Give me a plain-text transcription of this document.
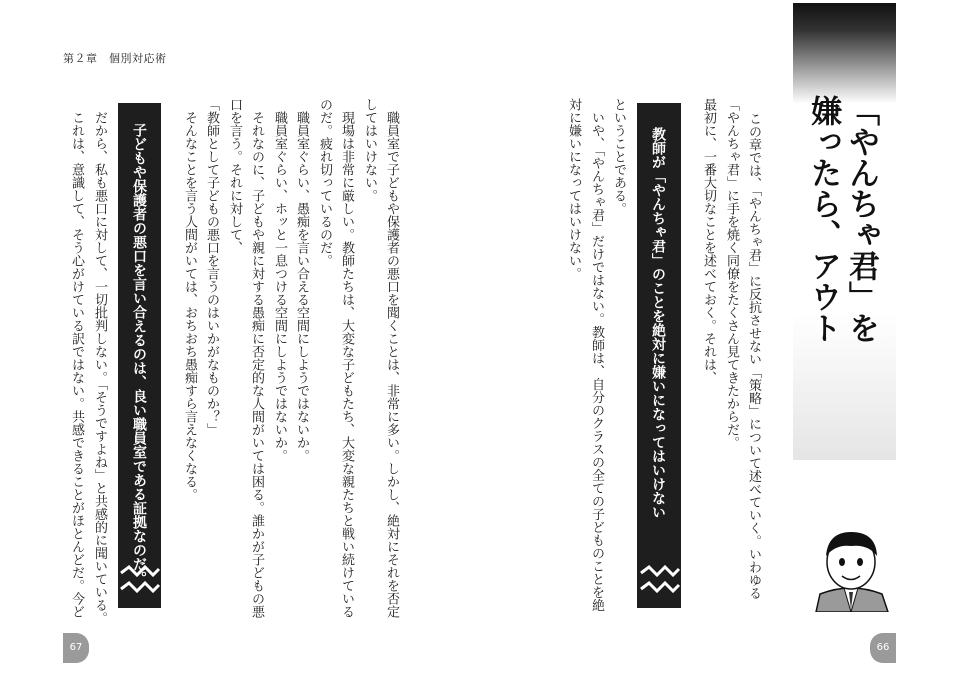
第２章　個別対応術
「やんちゃ君」を
嫌ったら、アウト
この章では、「やんちゃ君」に反抗させない「策略」について述べていく。いわゆる
「やんちゃ君」に手を焼く同僚をたくさん見てきたからだ。
最初に、一番大切なことを述べておく。それは、
教師が「やんちゃ君」のことを絶対に嫌いになってはいけない
ということである。
　いや、「やんちゃ君」だけではない。教師は、自分のクラスの全ての子どものことを絶
対に嫌いになってはいけない。
66
67
　職員室で子どもや保護者の悪口を聞くことは、非常に多い。しかし、絶対にそれを否定
してはいけない。
　現場は非常に厳しい。教師たちは、大変な子どもたち、大変な親たちと戦い続けている
のだ。疲れ切っているのだ。
　職員室ぐらい、愚痴を言い合える空間にしようではないか。
　職員室ぐらい、ホッと一息つける空間にしようではないか。
　それなのに、子どもや親に対する愚痴に否定的な人間がいては困る。誰かが子どもの悪
口を言う。それに対して、
「教師として子どもの悪口を言うのはいかがなものか？」
　そんなことを言う人間がいては、おちおち愚痴すら言えなくなる。
子どもや保護者の悪口を言い合えるのは、良い職員室である証拠なのだ。
　だから、私も悪口に対して、一切批判しない。「そうですよね」と共感的に聞いている。
　これは、意識して、そう心がけている訳ではない。共感できることがほとんどだ。今ど
